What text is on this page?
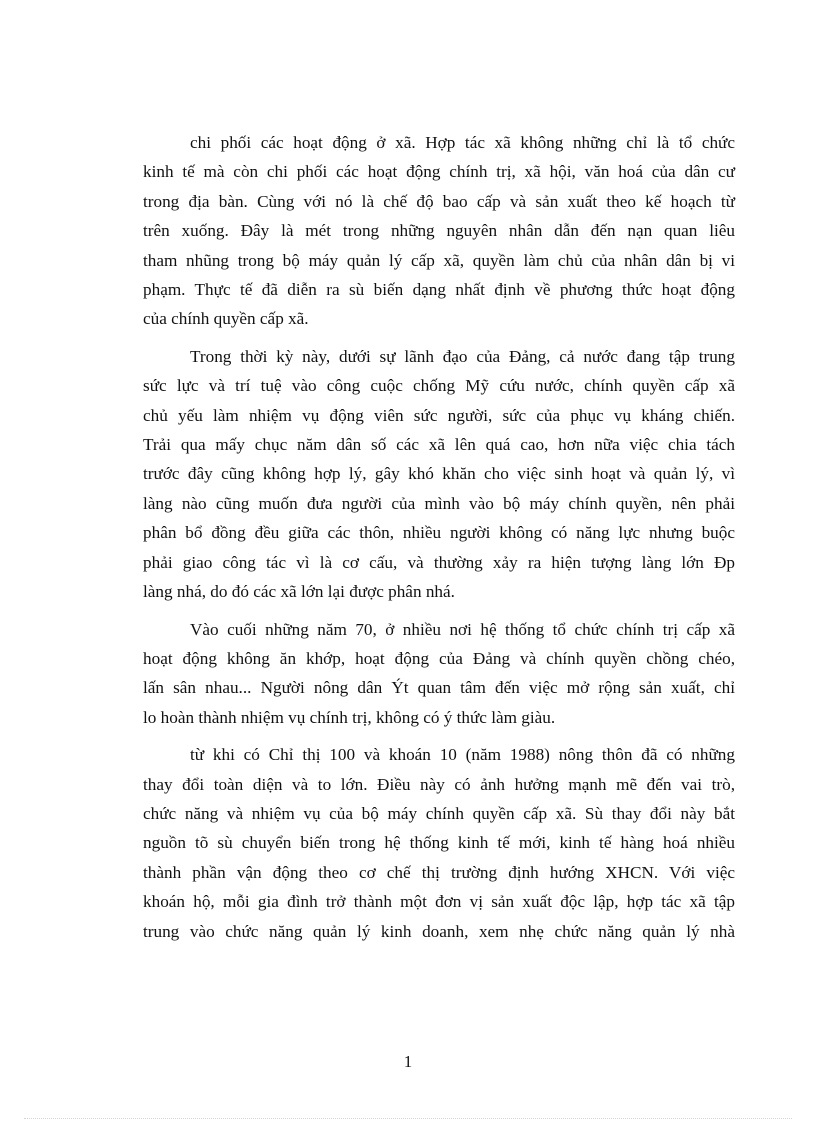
chi phối các hoạt động ở xã. Hợp tác xã không những chỉ là tổ chức
kinh tế mà còn chi phối các hoạt động chính trị, xã hội, văn hoá của dân cư
trong địa bàn. Cùng với nó là chế độ bao cấp và sản xuất theo kế hoạch từ
trên xuống. Đây là mét trong những nguyên nhân dẫn đến nạn quan liêu
tham nhũng trong bộ máy quản lý cấp xã, quyền làm chủ của nhân dân bị vi
phạm. Thực tế đã diễn ra sù biến dạng nhất định về phương thức hoạt động
của chính quyền cấp xã.

Trong thời kỳ này, dưới sự lãnh đạo của Đảng, cả nước đang tập trung
sức lực và trí tuệ vào công cuộc chống Mỹ cứu nước, chính quyền cấp xã
chủ yếu làm nhiệm vụ động viên sức người, sức của phục vụ kháng chiến.
Trải qua mấy chục năm dân số các xã lên quá cao, hơn nữa việc chia tách
trước đây cũng không hợp lý, gây khó khăn cho việc sinh hoạt và quản lý, vì
làng nào cũng muốn đưa người của mình vào bộ máy chính quyền, nên phải
phân bổ đồng đều giữa các thôn, nhiều người không có năng lực nhưng buộc
phải giao công tác vì là cơ cấu, và thường xảy ra hiện tượng làng lớn Đp
làng nhá, do đó các xã lớn lại được phân nhá.

Vào cuối những năm 70, ở nhiều nơi hệ thống tổ chức chính trị cấp xã
hoạt động không ăn khớp, hoạt động của Đảng và chính quyền chồng chéo,
lấn sân nhau... Người nông dân Ýt quan tâm đến việc mở rộng sản xuất, chỉ
lo hoàn thành nhiệm vụ chính trị, không có ý thức làm giàu.

từ khi có Chỉ thị 100 và khoán 10 (năm 1988) nông thôn đã có những
thay đổi toàn diện và to lớn. Điều này có ảnh hưởng mạnh mẽ đến vai trò,
chức năng và nhiệm vụ của bộ máy chính quyền cấp xã. Sù thay đổi này bắt
nguồn tõ sù chuyển biến trong hệ thống kinh tế mới, kinh tế hàng hoá nhiều
thành phần vận động theo cơ chế thị trường định hướng XHCN. Với việc
khoán hộ, mỗi gia đình trở thành một đơn vị sản xuất độc lập, hợp tác xã tập
trung vào chức năng quản lý kinh doanh, xem nhẹ chức năng quản lý nhà

1
